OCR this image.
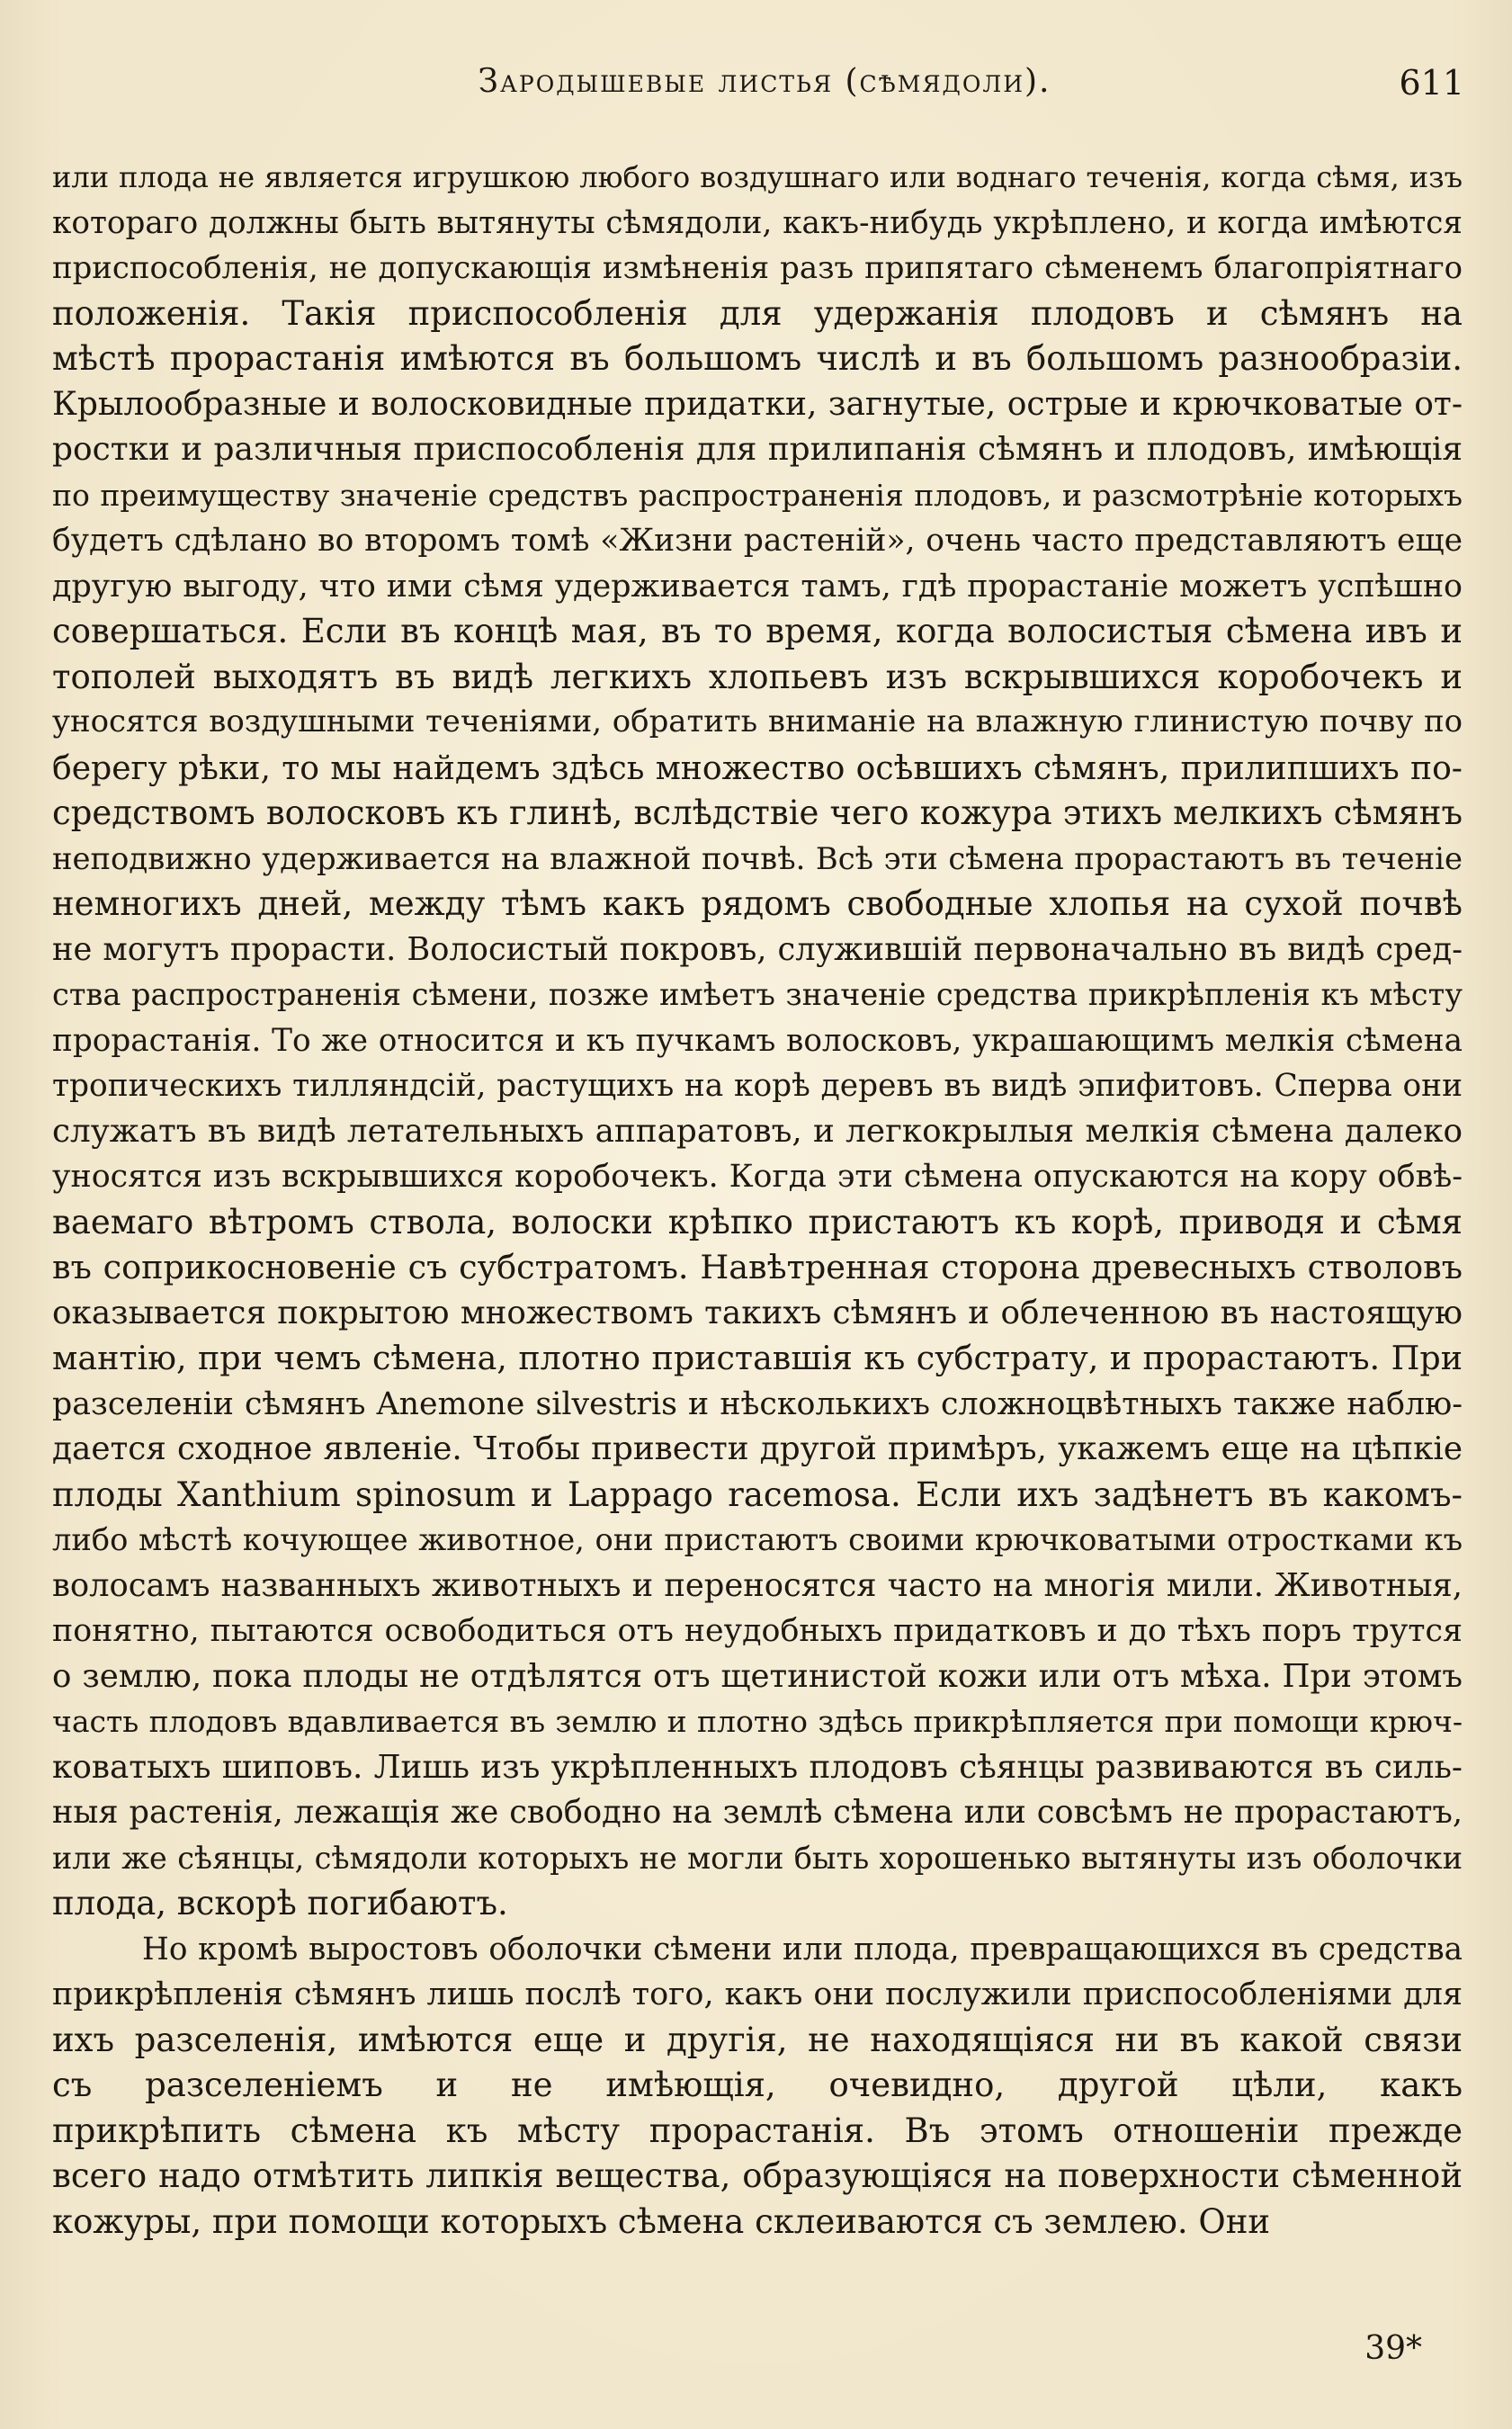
Зародышевые листья (сѣмядоли).	611
или плода не является игрушкою любого воздушнаго или воднаго теченія, когда сѣмя, изъ
котораго должны быть вытянуты сѣмядоли, какъ-нибудь укрѣплено, и когда имѣются
приспособленія, не допускающія измѣненія разъ припятаго сѣменемъ благопріятнаго
положенія. Такія приспособленія для удержанія плодовъ и сѣмянъ на
мѣстѣ прорастанія имѣются въ большомъ числѣ и въ большомъ разнообразіи.
Крылообразные и волосковидные придатки, загнутые, острые и крючковатые от-
ростки и различныя приспособленія для прилипанія сѣмянъ и плодовъ, имѣющія
по преимуществу значеніе средствъ распространенія плодовъ, и разсмотрѣніе которыхъ
будетъ сдѣлано во второмъ томѣ «Жизни растеній», очень часто представляютъ еще
другую выгоду, что ими сѣмя удерживается тамъ, гдѣ прорастаніе можетъ успѣшно
совершаться. Если въ концѣ мая, въ то время, когда волосистыя сѣмена ивъ и
тополей выходятъ въ видѣ легкихъ хлопьевъ изъ вскрывшихся коробочекъ и
уносятся воздушными теченіями, обратить вниманіе на влажную глинистую почву по
берегу рѣки, то мы найдемъ здѣсь множество осѣвшихъ сѣмянъ, прилипшихъ по-
средствомъ волосковъ къ глинѣ, вслѣдствіе чего кожура этихъ мелкихъ сѣмянъ
неподвижно удерживается на влажной почвѣ. Всѣ эти сѣмена прорастаютъ въ теченіе
немногихъ дней, между тѣмъ какъ рядомъ свободные хлопья на сухой почвѣ
не могутъ прорасти. Волосистый покровъ, служившій первоначально въ видѣ сред-
ства распространенія сѣмени, позже имѣетъ значеніе средства прикрѣпленія къ мѣсту
прорастанія. То же относится и къ пучкамъ волосковъ, украшающимъ мелкія сѣмена
тропическихъ тилляндсій, растущихъ на корѣ деревъ въ видѣ эпифитовъ. Сперва они
служатъ въ видѣ летательныхъ аппаратовъ, и легкокрылыя мелкія сѣмена далеко
уносятся изъ вскрывшихся коробочекъ. Когда эти сѣмена опускаются на кору обвѣ-
ваемаго вѣтромъ ствола, волоски крѣпко пристаютъ къ корѣ, приводя и сѣмя
въ соприкосновеніе съ субстратомъ. Навѣтренная сторона древесныхъ стволовъ
оказывается покрытою множествомъ такихъ сѣмянъ и облеченною въ настоящую
мантію, при чемъ сѣмена, плотно приставшія къ субстрату, и прорастаютъ. При
разселеніи сѣмянъ Anemone silvestris и нѣсколькихъ сложноцвѣтныхъ также наблю-
дается сходное явленіе. Чтобы привести другой примѣръ, укажемъ еще на цѣпкіе
плоды Xanthium spinosum и Lappago racemosa. Если ихъ задѣнетъ въ какомъ-
либо мѣстѣ кочующее животное, они пристаютъ своими крючковатыми отростками къ
волосамъ названныхъ животныхъ и переносятся часто на многія мили. Животныя,
понятно, пытаются освободиться отъ неудобныхъ придатковъ и до тѣхъ поръ трутся
о землю, пока плоды не отдѣлятся отъ щетинистой кожи или отъ мѣха. При этомъ
часть плодовъ вдавливается въ землю и плотно здѣсь прикрѣпляется при помощи крюч-
коватыхъ шиповъ. Лишь изъ укрѣпленныхъ плодовъ сѣянцы развиваются въ силь-
ныя растенія, лежащія же свободно на землѣ сѣмена или совсѣмъ не прорастаютъ,
или же сѣянцы, сѣмядоли которыхъ не могли быть хорошенько вытянуты изъ оболочки
плода, вскорѣ погибаютъ.
Но кромѣ выростовъ оболочки сѣмени или плода, превращающихся въ средства
прикрѣпленія сѣмянъ лишь послѣ того, какъ они послужили приспособленіями для
ихъ разселенія, имѣются еще и другія, не находящіяся ни въ какой связи
съ разселеніемъ и не имѣющія, очевидно, другой цѣли, какъ
прикрѣпить сѣмена къ мѣсту прорастанія. Въ этомъ отношеніи прежде
всего надо отмѣтить липкія вещества, образующіяся на поверхности сѣменной
кожуры, при помощи которыхъ сѣмена склеиваются съ землею. Они
39*
